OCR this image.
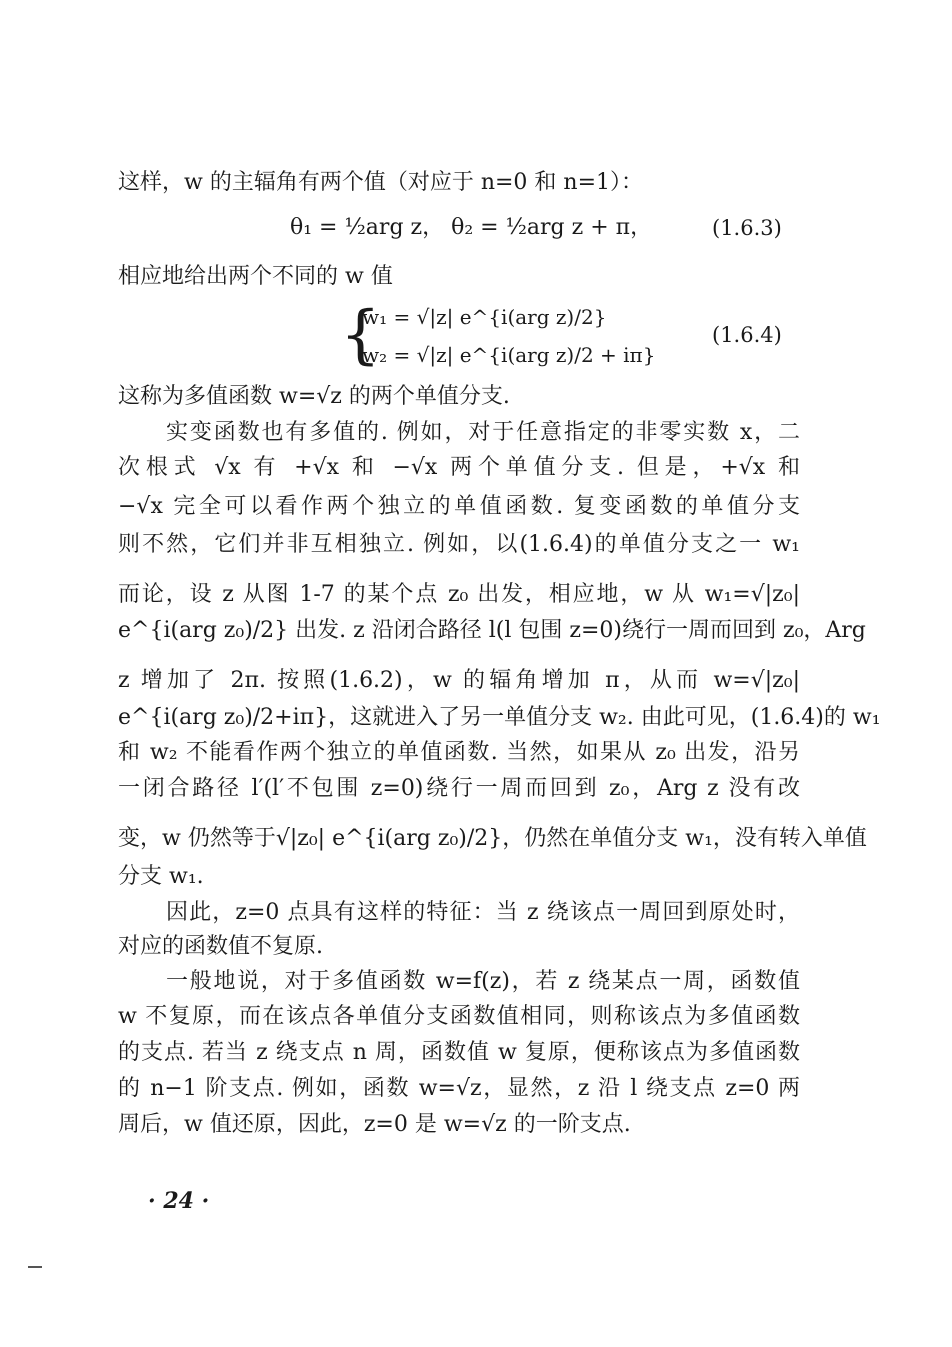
这样，w 的主辐角有两个值（对应于 n=0 和 n=1）：
θ₁ = ½arg z， θ₂ = ½arg z + π，	(1.6.3)
相应地给出两个不同的 w 值
{
w₁ = √|z| e^{i(arg z)/2}
w₂ = √|z| e^{i(arg z)/2 + iπ}
(1.6.4)
这称为多值函数 w=√z 的两个单值分支.
实变函数也有多值的. 例如，对于任意指定的非零实数 x，二
次根式 √x 有 +√x 和 −√x 两个单值分支. 但是，+√x 和
−√x 完全可以看作两个独立的单值函数. 复变函数的单值分支
则不然，它们并非互相独立. 例如，以(1.6.4)的单值分支之一 w₁
而论，设 z 从图 1-7 的某个点 z₀ 出发，相应地，w 从 w₁=√|z₀|
e^{i(arg z₀)/2} 出发. z 沿闭合路径 l(l 包围 z=0)绕行一周而回到 z₀，Arg
z 增加了 2π. 按照(1.6.2)，w 的辐角增加 π，从而 w=√|z₀|
e^{i(arg z₀)/2+iπ}，这就进入了另一单值分支 w₂. 由此可见，(1.6.4)的 w₁
和 w₂ 不能看作两个独立的单值函数. 当然，如果从 z₀ 出发，沿另
一闭合路径 l′(l′不包围 z=0)绕行一周而回到 z₀，Arg z 没有改
变，w 仍然等于√|z₀| e^{i(arg z₀)/2}，仍然在单值分支 w₁，没有转入单值
分支 w₁.
因此，z=0 点具有这样的特征：当 z 绕该点一周回到原处时，
对应的函数值不复原.
一般地说，对于多值函数 w=f(z)，若 z 绕某点一周，函数值
w 不复原，而在该点各单值分支函数值相同，则称该点为多值函数
的支点. 若当 z 绕支点 n 周，函数值 w 复原，便称该点为多值函数
的 n−1 阶支点. 例如，函数 w=√z，显然，z 沿 l 绕支点 z=0 两
周后，w 值还原，因此，z=0 是 w=√z 的一阶支点.
· 24 ·
